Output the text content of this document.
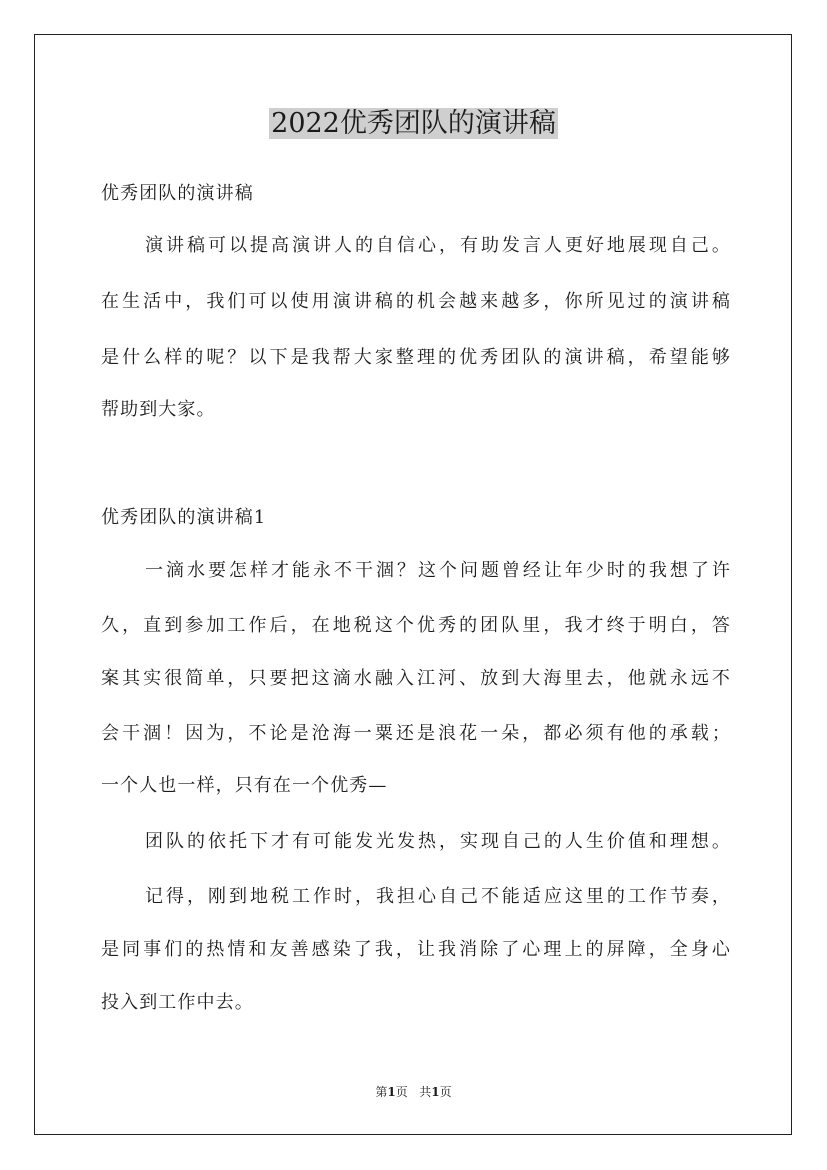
2022优秀团队的演讲稿
优秀团队的演讲稿
演讲稿可以提高演讲人的自信心，有助发言人更好地展现自己。
在生活中，我们可以使用演讲稿的机会越来越多，你所见过的演讲稿
是什么样的呢？以下是我帮大家整理的优秀团队的演讲稿，希望能够
帮助到大家。
优秀团队的演讲稿1
一滴水要怎样才能永不干涸？这个问题曾经让年少时的我想了许
久，直到参加工作后，在地税这个优秀的团队里，我才终于明白，答
案其实很简单，只要把这滴水融入江河、放到大海里去，他就永远不
会干涸！因为，不论是沧海一粟还是浪花一朵，都必须有他的承载；
一个人也一样，只有在一个优秀—
团队的依托下才有可能发光发热，实现自己的人生价值和理想。
记得，刚到地税工作时，我担心自己不能适应这里的工作节奏，
是同事们的热情和友善感染了我，让我消除了心理上的屏障，全身心
投入到工作中去。
第1页 共1页
